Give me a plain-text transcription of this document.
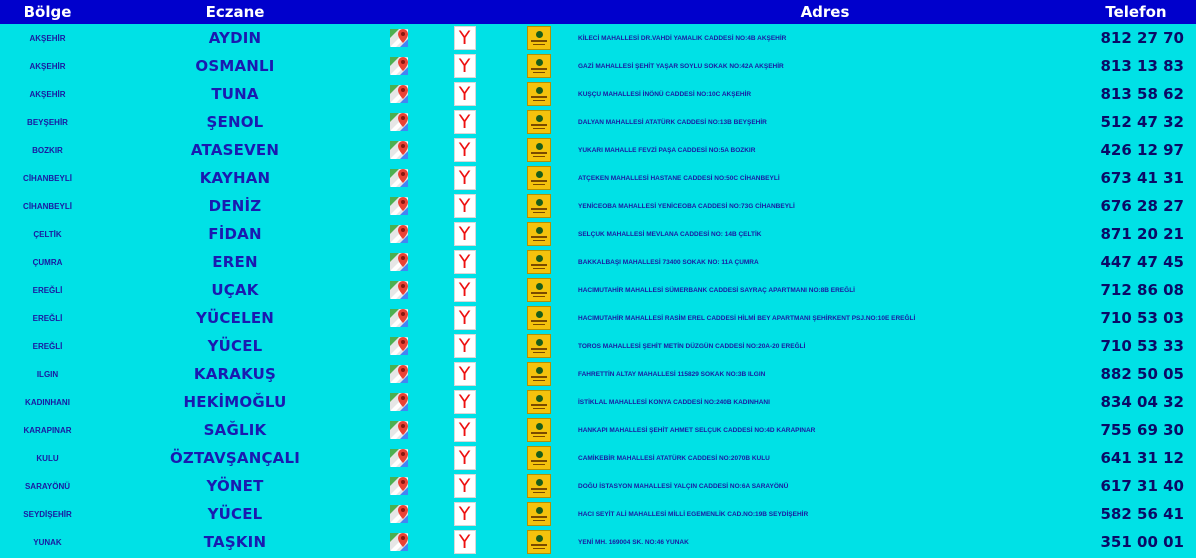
Bölge	Eczane				Adres	Telefon
AKŞEHİR	AYDIN		Y		KİLECİ MAHALLESİ DR.VAHDİ YAMALIK CADDESİ NO:4B AKŞEHİR	812 27 70
AKŞEHİR	OSMANLI		Y		GAZİ MAHALLESİ ŞEHİT YAŞAR SOYLU SOKAK NO:42A AKŞEHİR	813 13 83
AKŞEHİR	TUNA		Y		KUŞÇU MAHALLESİ İNÖNÜ CADDESİ NO:10C AKŞEHİR	813 58 62
BEYŞEHİR	ŞENOL		Y		DALYAN MAHALLESİ ATATÜRK CADDESİ NO:13B BEYŞEHİR	512 47 32
BOZKIR	ATASEVEN		Y		YUKARI MAHALLE FEVZİ PAŞA CADDESİ NO:5A BOZKIR	426 12 97
CİHANBEYLİ	KAYHAN		Y		ATÇEKEN MAHALLESİ HASTANE CADDESİ NO:50C CİHANBEYLİ	673 41 31
CİHANBEYLİ	DENİZ		Y		YENİCEOBA MAHALLESİ YENİCEOBA CADDESİ NO:73G CİHANBEYLİ	676 28 27
ÇELTİK	FİDAN		Y		SELÇUK MAHALLESİ MEVLANA CADDESİ NO: 14B ÇELTİK	871 20 21
ÇUMRA	EREN		Y		BAKKALBAŞI MAHALLESİ 73400 SOKAK NO: 11A ÇUMRA	447 47 45
EREĞLİ	UÇAK		Y		HACIMUTAHİR MAHALLESİ SÜMERBANK CADDESİ SAYRAÇ APARTMANI NO:8B EREĞLİ	712 86 08
EREĞLİ	YÜCELEN		Y		HACIMUTAHİR MAHALLESİ RASİM EREL CADDESİ HİLMİ BEY APARTMANI ŞEHİRKENT PSJ.NO:10E EREĞLİ	710 53 03
EREĞLİ	YÜCEL		Y		TOROS MAHALLESİ ŞEHİT METİN DÜZGÜN CADDESİ NO:20A-20 EREĞLİ	710 53 33
ILGIN	KARAKUŞ		Y		FAHRETTİN ALTAY MAHALLESİ 115829 SOKAK NO:3B ILGIN	882 50 05
KADINHANI	HEKİMOĞLU		Y		İSTİKLAL MAHALLESİ KONYA CADDESİ NO:240B KADINHANI	834 04 32
KARAPINAR	SAĞLIK		Y		HANKAPI MAHALLESİ ŞEHİT AHMET SELÇUK CADDESİ NO:4D KARAPINAR	755 69 30
KULU	ÖZTAVŞANÇALI		Y		CAMİKEBİR MAHALLESİ ATATÜRK CADDESİ NO:2070B KULU	641 31 12
SARAYÖNÜ	YÖNET		Y		DOĞU İSTASYON MAHALLESİ YALÇIN CADDESİ NO:6A SARAYÖNÜ	617 31 40
SEYDİŞEHİR	YÜCEL		Y		HACI SEYİT ALİ MAHALLESİ MİLLİ EGEMENLİK CAD.NO:19B SEYDİŞEHİR	582 56 41
YUNAK	TAŞKIN		Y		YENİ MH. 169004 SK. NO:46 YUNAK	351 00 01
